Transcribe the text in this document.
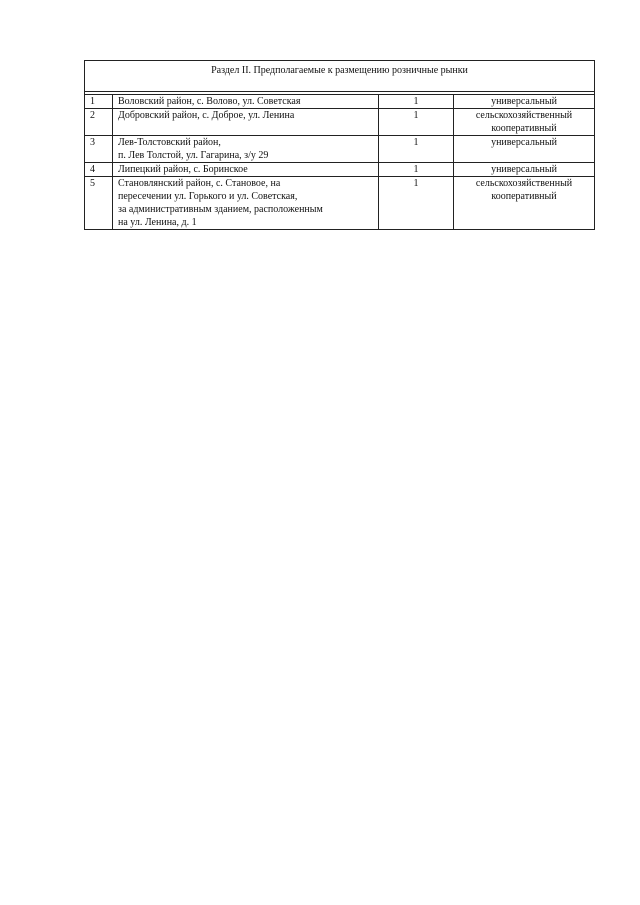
Раздел II. Предполагаемые к размещению розничные рынки			

1	Воловский район, с. Волово, ул. Советская	1	универсальный

2	Добровский район, с. Доброе, ул. Ленина	1	сельскохозяйственный
кооперативный

3	Лев-Толстовский район,
п. Лев Толстой, ул. Гагарина, з/у 29	1	универсальный

4	Липецкий район, с. Боринское	1	универсальный

5	Становлянский район, с. Становое, на
пересечении ул. Горького и ул. Советская,
за административным зданием, расположенным
на ул. Ленина, д. 1	1	сельскохозяйственный
кооперативный
